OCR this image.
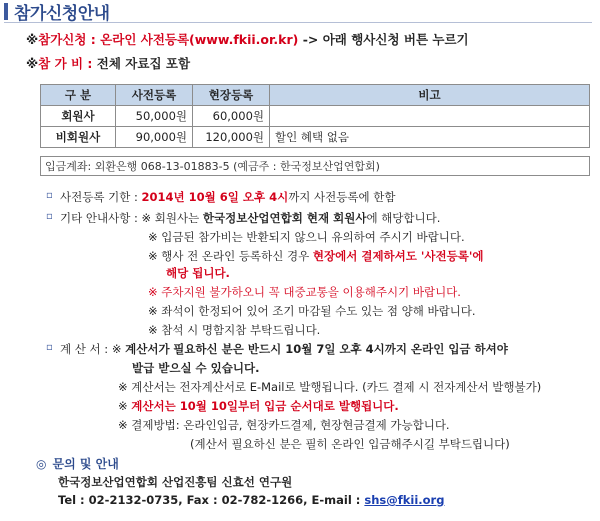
참가신청안내
※참가신청 : 온라인 사전등록(www.fkii.or.kr) -> 아래 행사신청 버튼 누르기
※참 가 비 : 전체 자료집 포함
구 분	사전등록	현장등록	비고
회원사	50,000원	60,000원	
비회원사	90,000원	120,000원	할인 혜택 없음
입금계좌: 외환은행 068-13-01883-5 (예금주 : 한국정보산업연합회)
▫ 사전등록 기한 : 2014년 10월 6일 오후 4시까지 사전등록에 한함
▫ 기타 안내사항 : ※ 회원사는 한국정보산업연합회 현재 회원사에 해당합니다.
※ 입금된 참가비는 반환되지 않으니 유의하여 주시기 바랍니다.
※ 행사 전 온라인 등록하신 경우 현장에서 결제하셔도 '사전등록'에
해당 됩니다.
※ 주차지원 불가하오니 꼭 대중교통을 이용해주시기 바랍니다.
※ 좌석이 한정되어 있어 조기 마감될 수도 있는 점 양해 바랍니다.
※ 참석 시 명함지참 부탁드립니다.
▫ 계 산 서 : ※ 계산서가 필요하신 분은 반드시 10월 7일 오후 4시까지 온라인 입금 하셔야
발급 받으실 수 있습니다.
※ 계산서는 전자계산서로 E-Mail로 발행됩니다. (카드 결제 시 전자계산서 발행불가)
※ 계산서는 10월 10일부터 입금 순서대로 발행됩니다.
※ 결제방법: 온라인입금, 현장카드결제, 현장현금결제 가능합니다.
(계산서 필요하신 분은 필히 온라인 입금해주시길 부탁드립니다)
◎ 문의 및 안내
한국정보산업연합회 산업진흥팀 신효선 연구원
Tel : 02-2132-0735, Fax : 02-782-1266, E-mail : shs@fkii.org
